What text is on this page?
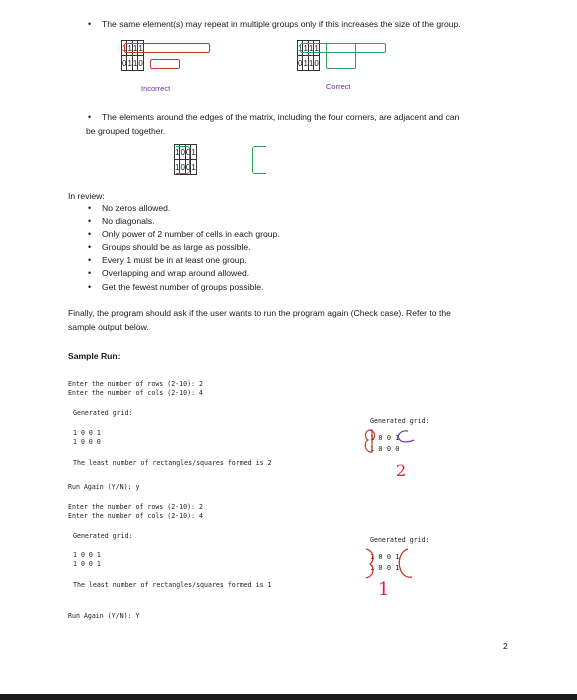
• The same element(s) may repeat in multiple groups only if this increases the size of the group.
1	1	1	1
0	1	1	0
Incorrect
1	1	1	1
0	1	1	0
Correct
• The elements around the edges of the matrix, including the four corners, are adjacent and can
be grouped together.
1	0	0	1
1	0	0	1
In review:
• No zeros allowed.
• No diagonals.
• Only power of 2 number of cells in each group.
• Groups should be as large as possible.
• Every 1 must be in at least one group.
• Overlapping and wrap around allowed.
• Get the fewest number of groups possible.
Finally, the program should ask if the user wants to run the program again (Check case). Refer to the
sample output below.
Sample Run:
Enter the number of rows (2-10): 2
Enter the number of cols (2-10): 4
Generated grid:
1 0 0 1
1 0 0 0
The least number of rectangles/squares formed is 2
Run Again (Y/N): y
Enter the number of rows (2-10): 2
Enter the number of cols (2-10): 4
Generated grid:
1 0 0 1
1 0 0 1
The least number of rectangles/squares formed is 1
Run Again (Y/N): Y
Generated grid:
1 0 0 1
1 0 0 0
2
Generated grid:
1 0 0 1
1 0 0 1
1
2
